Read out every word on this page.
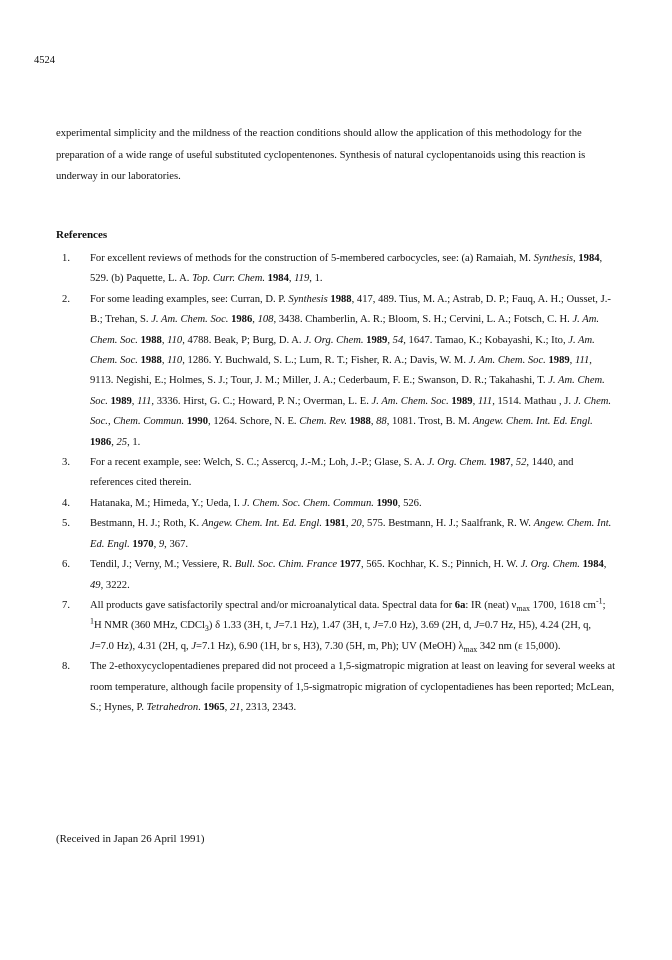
4524

experimental simplicity and the mildness of the reaction conditions should allow the application of this methodology for the preparation of a wide range of useful substituted cyclopentenones. Synthesis of natural cyclopentanoids using this reaction is underway in our laboratories.

References
1. For excellent reviews of methods for the construction of 5-membered carbocycles, see: (a) Ramaiah, M. Synthesis, 1984, 529. (b) Paquette, L. A. Top. Curr. Chem. 1984, 119, 1.
2. For some leading examples, see: Curran, D. P. Synthesis 1988, 417, 489. Tius, M. A.; Astrab, D. P.; Fauq, A. H.; Ousset, J.-B.; Trehan, S. J. Am. Chem. Soc. 1986, 108, 3438. Chamberlin, A. R.; Bloom, S. H.; Cervini, L. A.; Fotsch, C. H. J. Am. Chem. Soc. 1988, 110, 4788. Beak, P; Burg, D. A. J. Org. Chem. 1989, 54, 1647. Tamao, K.; Kobayashi, K.; Ito, J. Am. Chem. Soc. 1988, 110, 1286. Y. Buchwald, S. L.; Lum, R. T.; Fisher, R. A.; Davis, W. M. J. Am. Chem. Soc. 1989, 111, 9113. Negishi, E.; Holmes, S. J.; Tour, J. M.; Miller, J. A.; Cederbaum, F. E.; Swanson, D. R.; Takahashi, T. J. Am. Chem. Soc. 1989, 111, 3336. Hirst, G. C.; Howard, P. N.; Overman, L. E. J. Am. Chem. Soc. 1989, 111, 1514. Mathau , J. J. Chem. Soc., Chem. Commun. 1990, 1264. Schore, N. E. Chem. Rev. 1988, 88, 1081. Trost, B. M. Angew. Chem. Int. Ed. Engl. 1986, 25, 1.
3. For a recent example, see: Welch, S. C.; Assercq, J.-M.; Loh, J.-P.; Glase, S. A. J. Org. Chem. 1987, 52, 1440, and references cited therein.
4. Hatanaka, M.; Himeda, Y.; Ueda, I. J. Chem. Soc. Chem. Commun. 1990, 526.
5. Bestmann, H. J.; Roth, K. Angew. Chem. Int. Ed. Engl. 1981, 20, 575. Bestmann, H. J.; Saalfrank, R. W. Angew. Chem. Int. Ed. Engl. 1970, 9, 367.
6. Tendil, J.; Verny, M.; Vessiere, R. Bull. Soc. Chim. France 1977, 565. Kochhar, K. S.; Pinnich, H. W. J. Org. Chem. 1984, 49, 3222.
7. All products gave satisfactorily spectral and/or microanalytical data. Spectral data for 6a: IR (neat) $\nu_{max}$ 1700, 1618 $cm^{-1}$; $^1$H NMR (360 MHz, CDCl$_3$) δ 1.33 (3H, t, J=7.1 Hz), 1.47 (3H, t, J=7.0 Hz), 3.69 (2H, d, J=0.7 Hz, H5), 4.24 (2H, q, J=7.0 Hz), 4.31 (2H, q, J=7.1 Hz), 6.90 (1H, br s, H3), 7.30 (5H, m, Ph); UV (MeOH) $\lambda_{max}$ 342 nm (ε 15,000).
8. The 2-ethoxycyclopentadienes prepared did not proceed a 1,5-sigmatropic migration at least on leaving for several weeks at room temperature, although facile propensity of 1,5-sigmatropic migration of cyclopentadienes has been reported; McLean, S.; Hynes, P. Tetrahedron. 1965, 21, 2313, 2343.
(Received in Japan 26 April 1991)
